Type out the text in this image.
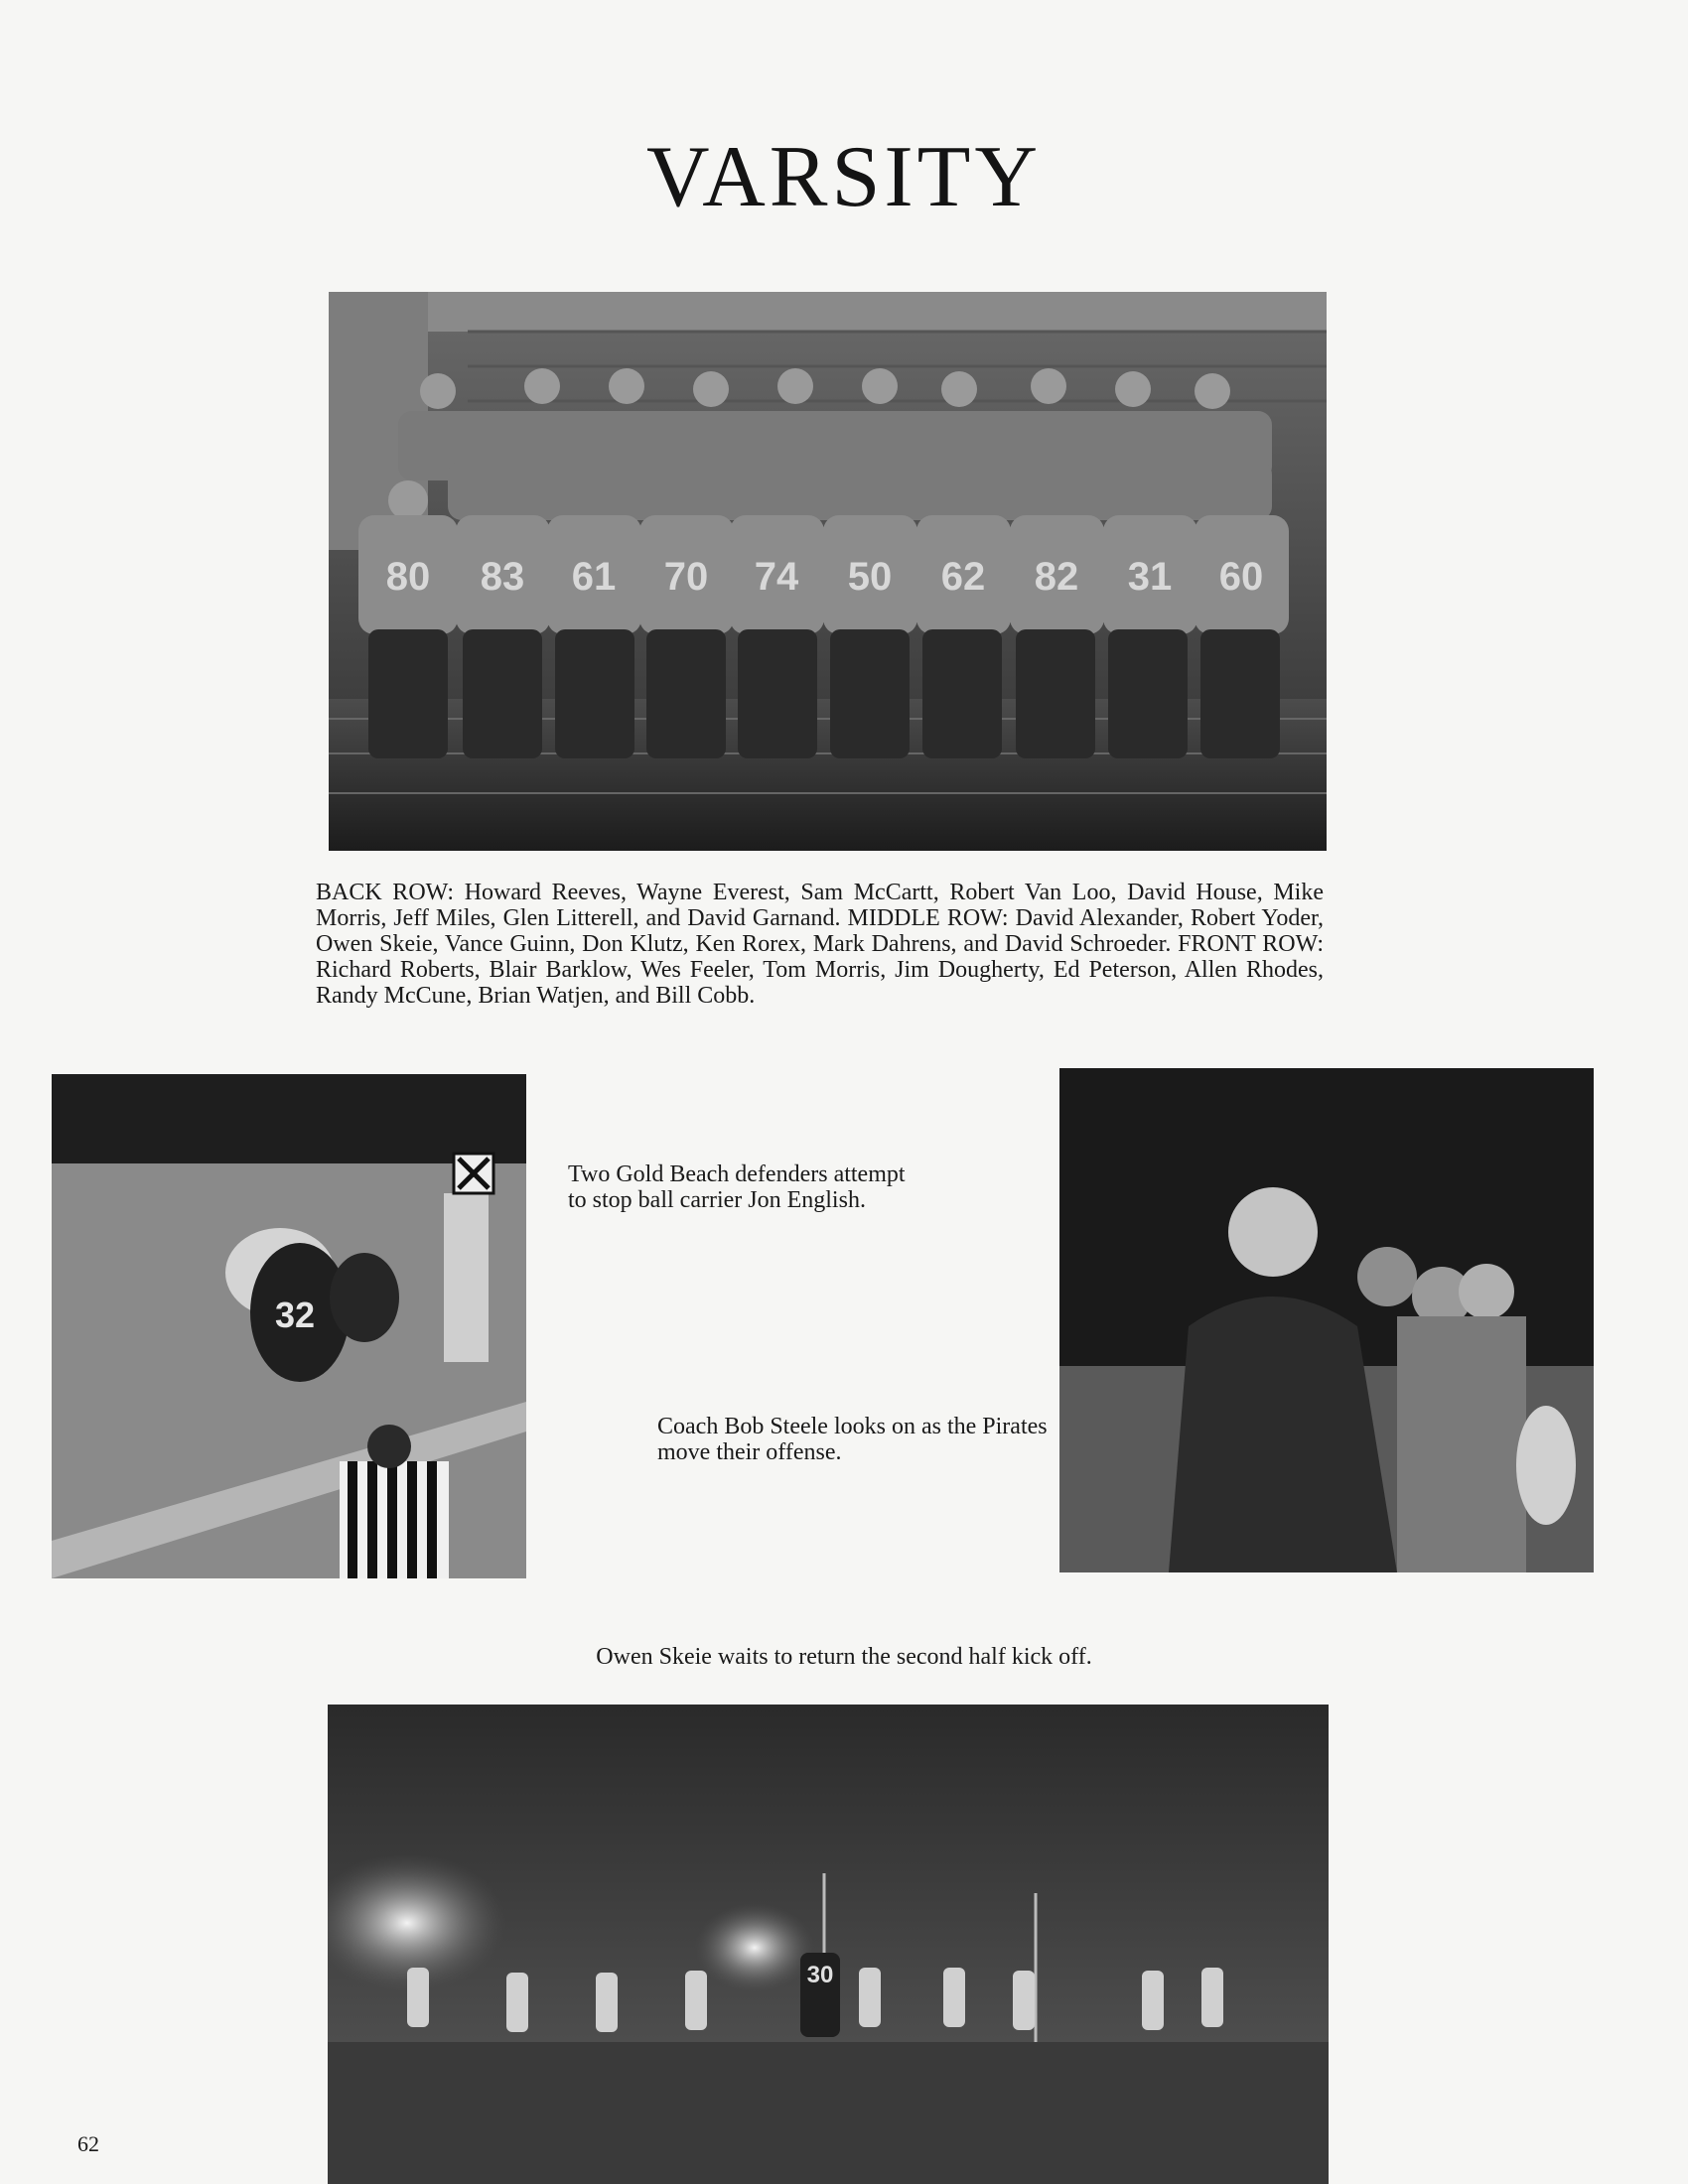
VARSITY
80 83 61 70 74 50 62 82 31 60
BACK ROW: Howard Reeves, Wayne Everest, Sam McCartt, Robert Van Loo, David House, Mike Morris, Jeff Miles, Glen Litterell, and David Garnand. MIDDLE ROW: David Alexander, Robert Yoder, Owen Skeie, Vance Guinn, Don Klutz, Ken Rorex, Mark Dahrens, and David Schroeder. FRONT ROW: Richard Roberts, Blair Barklow, Wes Feeler, Tom Morris, Jim Dougherty, Ed Peterson, Allen Rhodes, Randy McCune, Brian Watjen, and Bill Cobb.
32
Two Gold Beach defenders attempt to stop ball carrier Jon English.
Coach Bob Steele looks on as the Pirates move their offense.
Owen Skeie waits to return the second half kick off.
30
62
